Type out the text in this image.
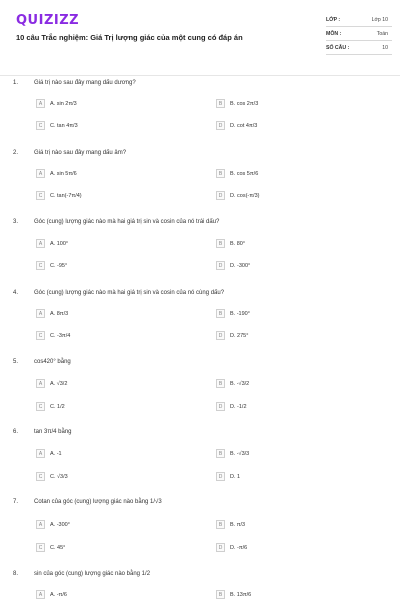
QUIZIZZ
10 câu Trắc nghiệm: Giá Trị lượng giác của một cung có đáp án
LỚP :	Lớp 10
MÔN :	Toán
SỐ CÂU :	10
1.	Giá trị nào sau đây mang dấu dương?
A	A. sin 2π/3	B	B. cos 2π/3
C	C. tan 4π/3	D	D. cot 4π/3
2.	Giá trị nào sau đây mang dấu âm?
A	A. sin 5π/6	B	B. cos 5π/6
C	C. tan(-7π/4)	D	D. cos(-π/3)
3.	Góc (cung) lượng giác nào mà hai giá trị sin và cosin của nó trái dấu?
A	A. 100°	B	B. 80°
C	C. -95°	D	D. -300°
4.	Góc (cung) lượng giác nào mà hai giá trị sin và cosin của nó cùng dấu?
A	A. 8π/3	B	B. -190°
C	C. -3π/4	D	D. 275°
5.	cos420° bằng
A	A. √3/2	B	B. -√3/2
C	C. 1/2	D	D. -1/2
6.	tan 3π/4 bằng
A	A. -1	B	B. -√3/3
C	C. √3/3	D	D. 1
7.	Cotan của góc (cung) lượng giác nào bằng 1/√3
A	A. -300°	B	B. π/3
C	C. 45°	D	D. -π/6
8.	sin của góc (cung) lượng giác nào bằng 1/2
A	A. -π/6	B	B. 13π/6
